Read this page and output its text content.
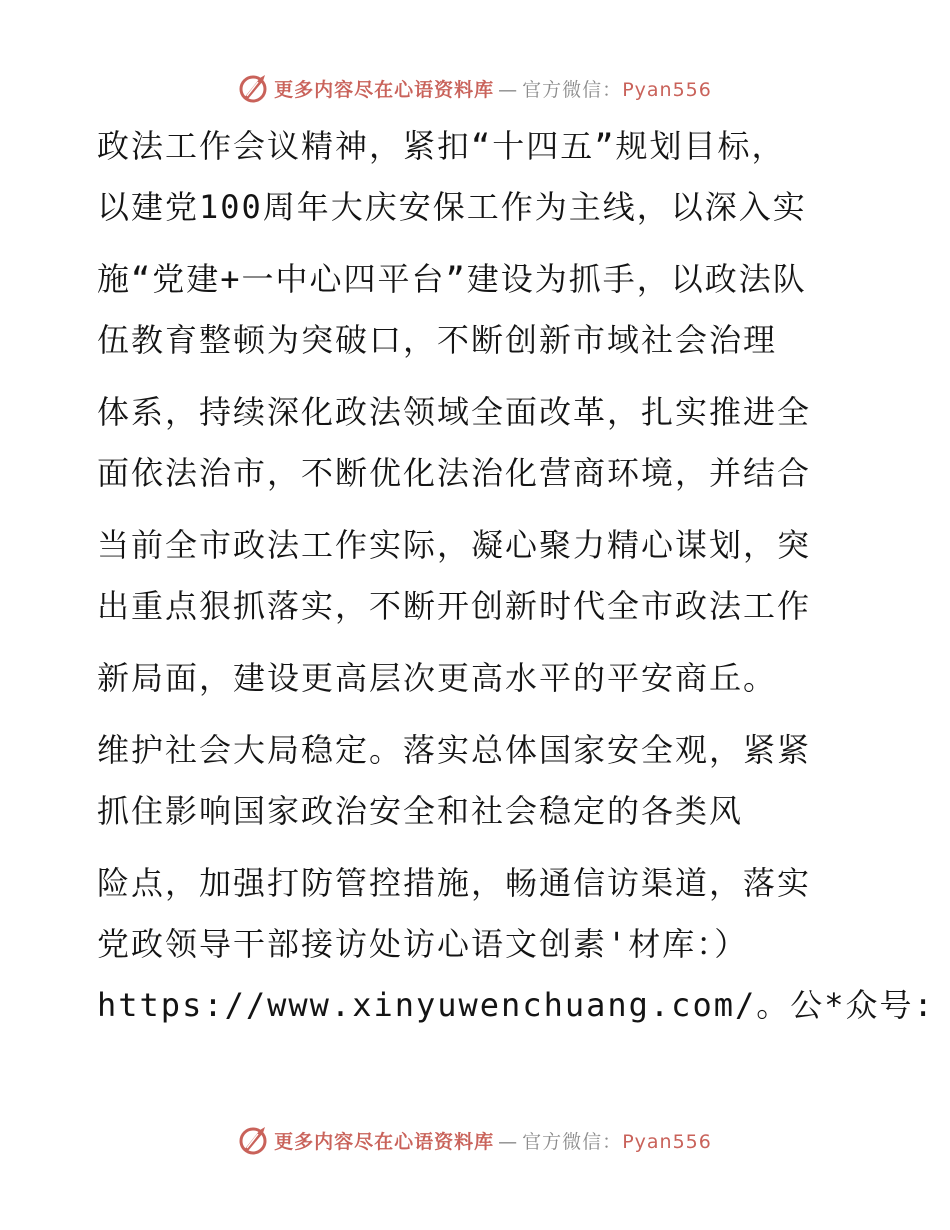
更多内容尽在心语资料库 — 官方微信：Pyan556
政法工作会议精神，紧扣“十四五”规划目标，
以建党100周年大庆安保工作为主线，以深入实
施“党建+一中心四平台”建设为抓手，以政法队
伍教育整顿为突破口，不断创新市域社会治理
体系，持续深化政法领域全面改革，扎实推进全
面依法治市，不断优化法治化营商环境，并结合
当前全市政法工作实际，凝心聚力精心谋划，突
出重点狠抓落实，不断开创新时代全市政法工作
新局面，建设更高层次更高水平的平安商丘。
维护社会大局稳定。落实总体国家安全观，紧紧
抓住影响国家政治安全和社会稳定的各类风
险点，加强打防管控措施，畅通信访渠道，落实
党政领导干部接访处访心语文创素'材库：）
https://www.xinyuwenchuang.com/。公*众号:
更多内容尽在心语资料库 — 官方微信：Pyan556
